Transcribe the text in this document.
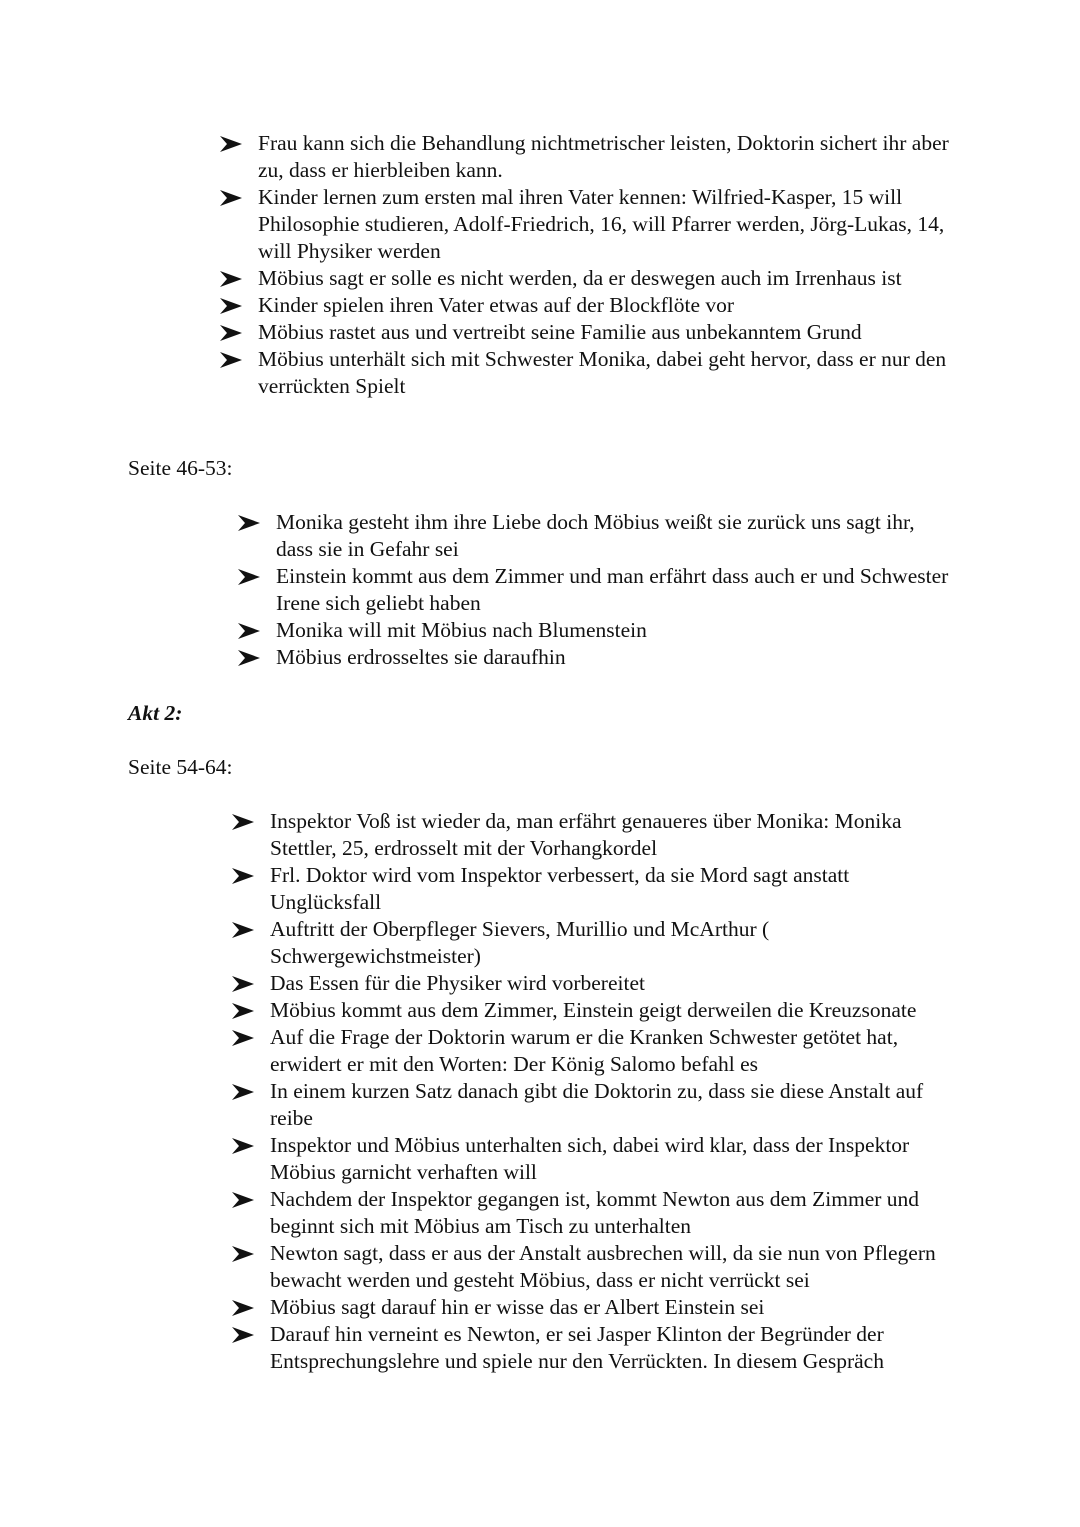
Frau kann sich die Behandlung nichtmetrischer leisten, Doktorin sichert ihr aber zu, dass er hierbleiben kann.
Kinder lernen zum ersten mal ihren Vater kennen: Wilfried-Kasper, 15 will Philosophie studieren, Adolf-Friedrich, 16, will Pfarrer werden, Jörg-Lukas, 14, will Physiker werden
Möbius sagt er solle es nicht werden, da er deswegen auch im Irrenhaus ist
Kinder spielen ihren Vater etwas auf der Blockflöte vor
Möbius rastet aus und vertreibt seine Familie aus unbekanntem Grund
Möbius unterhält sich mit Schwester Monika, dabei geht hervor, dass er nur den verrückten Spielt

Seite 46-53:

Monika gesteht ihm ihre Liebe doch Möbius weißt sie zurück uns sagt ihr, dass sie in Gefahr sei
Einstein kommt aus dem Zimmer und man erfährt dass auch er und Schwester Irene sich geliebt haben
Monika will mit Möbius nach Blumenstein
Möbius erdrosseltes sie daraufhin

Akt 2:

Seite 54-64:

Inspektor Voß ist wieder da, man erfährt genaueres über Monika: Monika Stettler, 25, erdrosselt mit der Vorhangkordel
Frl. Doktor wird vom Inspektor verbessert, da sie Mord sagt anstatt Unglücksfall
Auftritt der Oberpfleger Sievers, Murillio und McArthur ( Schwergewichstmeister)
Das Essen für die Physiker wird vorbereitet
Möbius kommt aus dem Zimmer, Einstein geigt derweilen die Kreuzsonate
Auf die Frage der Doktorin warum er die Kranken Schwester getötet hat, erwidert er mit den Worten: Der König Salomo befahl es
In einem kurzen Satz danach gibt die Doktorin zu, dass sie diese Anstalt auf reibe
Inspektor und Möbius unterhalten sich, dabei wird klar, dass der Inspektor Möbius garnicht verhaften will
Nachdem der Inspektor gegangen ist, kommt Newton aus dem Zimmer und beginnt sich mit Möbius am Tisch zu unterhalten
Newton sagt, dass er aus der Anstalt ausbrechen will, da sie nun von Pflegern bewacht werden und gesteht Möbius, dass er nicht verrückt sei
Möbius sagt darauf hin er wisse das er Albert Einstein sei
Darauf hin verneint es Newton, er sei Jasper Klinton der Begründer der Entsprechungslehre und spiele nur den Verrückten. In diesem Gespräch
